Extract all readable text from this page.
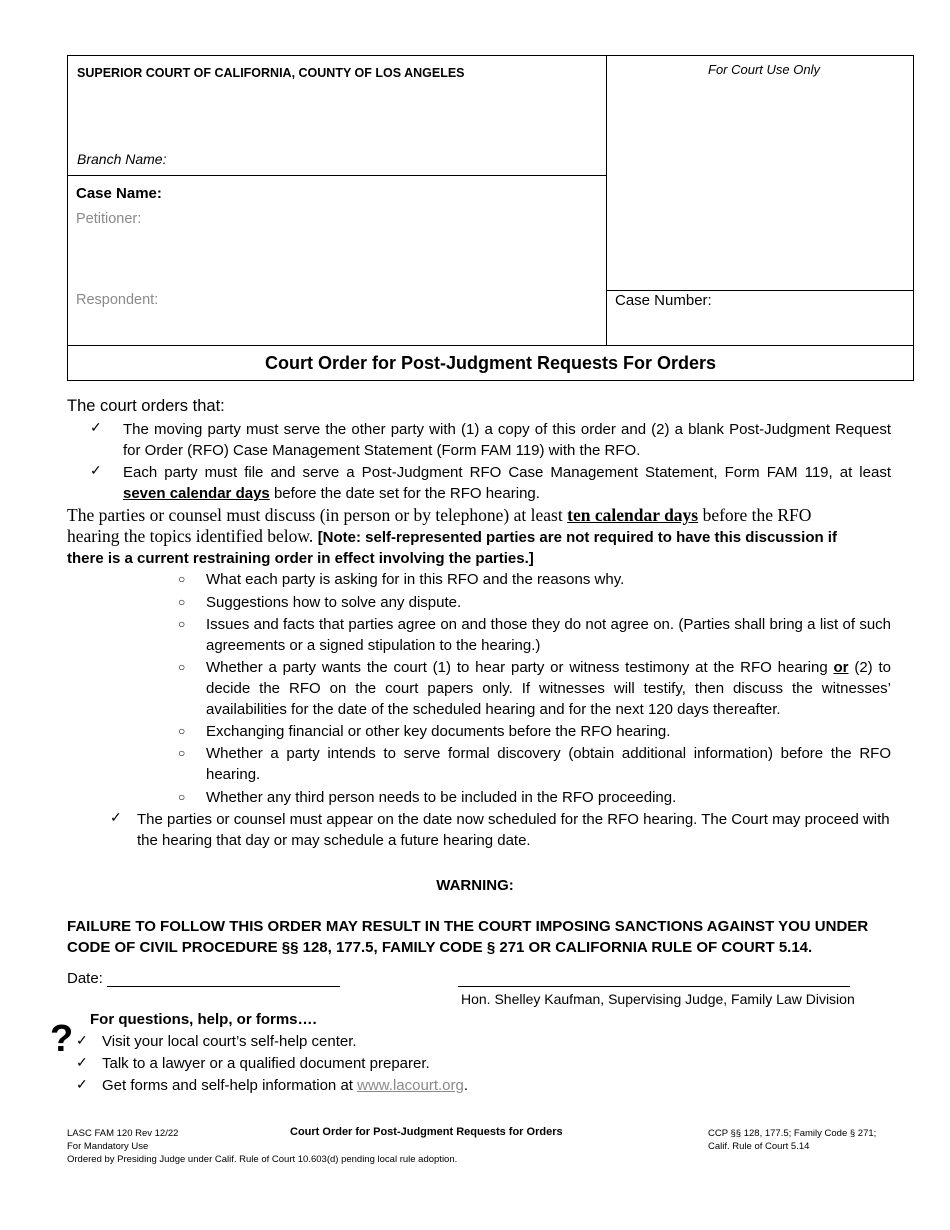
SUPERIOR COURT OF CALIFORNIA, COUNTY OF LOS ANGELES	For Court Use Only
Branch Name:
Case Name:
Petitioner:
Respondent:	Case Number:
Court Order for Post-Judgment Requests For Orders
The court orders that:
✓ The moving party must serve the other party with (1) a copy of this order and (2) a blank Post-Judgment Request for Order (RFO) Case Management Statement (Form FAM 119) with the RFO.
✓ Each party must file and serve a Post-Judgment RFO Case Management Statement, Form FAM 119, at least seven calendar days before the date set for the RFO hearing.
The parties or counsel must discuss (in person or by telephone) at least ten calendar days before the RFO hearing the topics identified below. [Note: self-represented parties are not required to have this discussion if there is a current restraining order in effect involving the parties.]
○ What each party is asking for in this RFO and the reasons why.
○ Suggestions how to solve any dispute.
○ Issues and facts that parties agree on and those they do not agree on. (Parties shall bring a list of such agreements or a signed stipulation to the hearing.)
○ Whether a party wants the court (1) to hear party or witness testimony at the RFO hearing or (2) to decide the RFO on the court papers only. If witnesses will testify, then discuss the witnesses’ availabilities for the date of the scheduled hearing and for the next 120 days thereafter.
○ Exchanging financial or other key documents before the RFO hearing.
○ Whether a party intends to serve formal discovery (obtain additional information) before the RFO hearing.
○ Whether any third person needs to be included in the RFO proceeding.
✓ The parties or counsel must appear on the date now scheduled for the RFO hearing. The Court may proceed with the hearing that day or may schedule a future hearing date.
WARNING:
FAILURE TO FOLLOW THIS ORDER MAY RESULT IN THE COURT IMPOSING SANCTIONS AGAINST YOU UNDER CODE OF CIVIL PROCEDURE §§ 128, 177.5, FAMILY CODE § 271 OR CALIFORNIA RULE OF COURT 5.14.
Date:
Hon. Shelley Kaufman, Supervising Judge, Family Law Division
For questions, help, or forms….
? ✓ Visit your local court’s self-help center.
✓ Talk to a lawyer or a qualified document preparer.
✓ Get forms and self-help information at www.lacourt.org.
LASC FAM 120 Rev 12/22
For Mandatory Use
Ordered by Presiding Judge under Calif. Rule of Court 10.603(d) pending local rule adoption.
Court Order for Post-Judgment Requests for Orders	CCP §§ 128, 177.5; Family Code § 271;
Calif. Rule of Court 5.14
